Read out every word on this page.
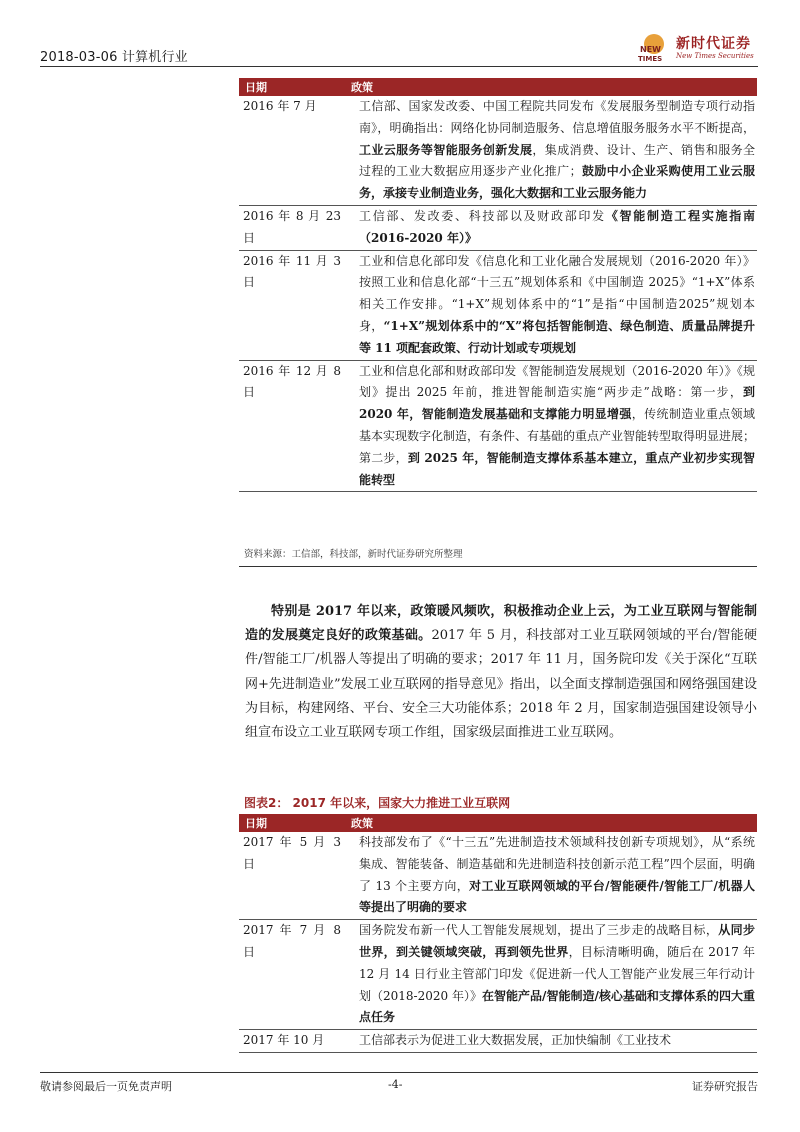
2018-03-06 计算机行业
NEW
TIMES
新时代证券
New Times Securities
日期	政策
2016 年 7 月	工信部、国家发改委、中国工程院共同发布《发展服务型制造专项行动指南》，明确指出：网络化协同制造服务、信息增值服务服务水平不断提高，工业云服务等智能服务创新发展，集成消费、设计、生产、销售和服务全过程的工业大数据应用逐步产业化推广；鼓励中小企业采购使用工业云服务，承接专业制造业务，强化大数据和工业云服务能力
2016 年 8 月 23 日	工信部、发改委、科技部以及财政部印发《智能制造工程实施指南（2016-2020 年）》
2016 年 11 月 3 日	工业和信息化部印发《信息化和工业化融合发展规划（2016-2020 年）》按照工业和信息化部“十三五”规划体系和《中国制造 2025》“1+X”体系相关工作安排。“1+X”规划体系中的“1”是指“中国制造2025”规划本身，“1+X”规划体系中的“X”将包括智能制造、绿色制造、质量品牌提升等 11 项配套政策、行动计划或专项规划
2016 年 12 月 8 日	工业和信息化部和财政部印发《智能制造发展规划（2016-2020 年）》《规划》提出 2025 年前，推进智能制造实施“两步走”战略：第一步，到 2020 年，智能制造发展基础和支撑能力明显增强，传统制造业重点领域基本实现数字化制造，有条件、有基础的重点产业智能转型取得明显进展；第二步，到 2025 年，智能制造支撑体系基本建立，重点产业初步实现智能转型
资料来源：工信部，科技部，新时代证券研究所整理
特别是 2017 年以来，政策暖风频吹，积极推动企业上云，为工业互联网与智能制造的发展奠定良好的政策基础。2017 年 5 月，科技部对工业互联网领域的平台/智能硬件/智能工厂/机器人等提出了明确的要求；2017 年 11 月，国务院印发《关于深化“互联网+先进制造业”发展工业互联网的指导意见》指出，以全面支撑制造强国和网络强国建设为目标，构建网络、平台、安全三大功能体系；2018 年 2 月，国家制造强国建设领导小组宣布设立工业互联网专项工作组，国家级层面推进工业互联网。
图表2： 2017 年以来，国家大力推进工业互联网
日期	政策
2017 年 5 月 3 日	科技部发布了《“十三五”先进制造技术领域科技创新专项规划》，从“系统集成、智能装备、制造基础和先进制造科技创新示范工程”四个层面，明确了 13 个主要方向，对工业互联网领域的平台/智能硬件/智能工厂/机器人等提出了明确的要求
2017 年 7 月 8 日	国务院发布新一代人工智能发展规划，提出了三步走的战略目标，从同步世界，到关键领域突破，再到领先世界，目标清晰明确，随后在 2017 年 12 月 14 日行业主管部门印发《促进新一代人工智能产业发展三年行动计划（2018-2020 年）》在智能产品/智能制造/核心基础和支撑体系的四大重点任务
2017 年 10 月	工信部表示为促进工业大数据发展，正加快编制《工业技术
敬请参阅最后一页免责声明	-4-	证券研究报告
